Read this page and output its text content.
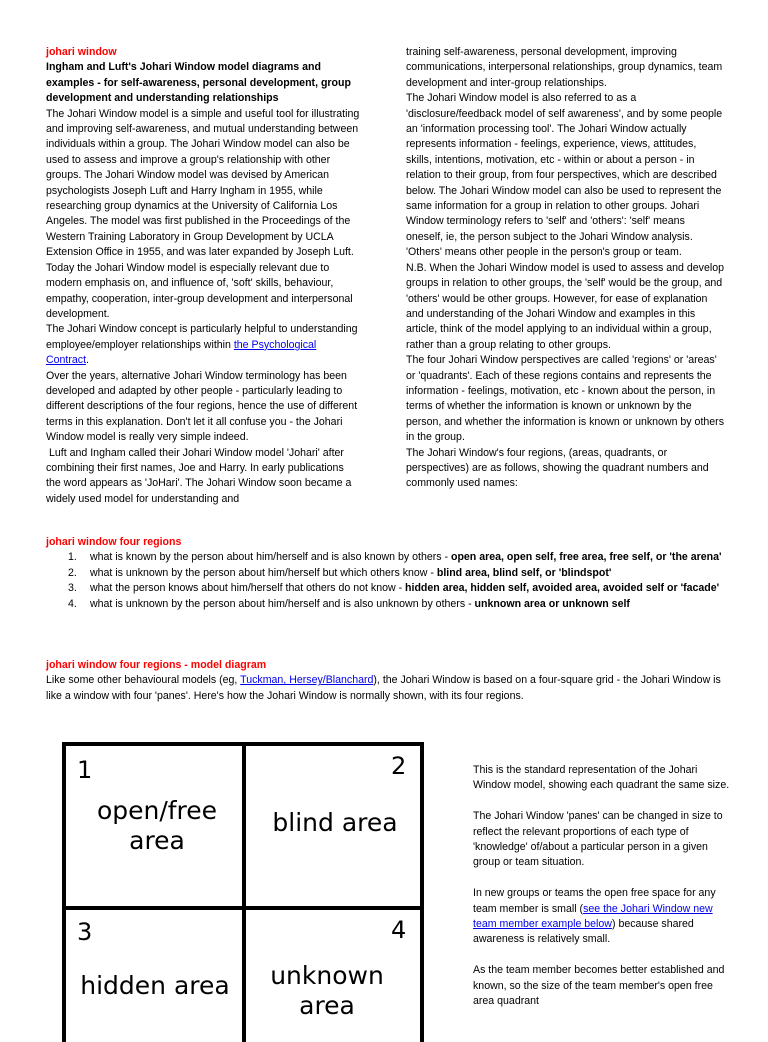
johari window

Ingham and Luft's Johari Window model diagrams and examples - for self-awareness, personal development, group development and understanding relationships

The Johari Window model is a simple and useful tool for illustrating and improving self-awareness, and mutual understanding between individuals within a group. The Johari Window model can also be used to assess and improve a group's relationship with other groups. The Johari Window model was devised by American psychologists Joseph Luft and Harry Ingham in 1955, while researching group dynamics at the University of California Los Angeles. The model was first published in the Proceedings of the Western Training Laboratory in Group Development by UCLA Extension Office in 1955, and was later expanded by Joseph Luft. Today the Johari Window model is especially relevant due to modern emphasis on, and influence of, 'soft' skills, behaviour, empathy, cooperation, inter-group development and interpersonal development.

The Johari Window concept is particularly helpful to understanding employee/employer relationships within the Psychological Contract.

Over the years, alternative Johari Window terminology has been developed and adapted by other people - particularly leading to different descriptions of the four regions, hence the use of different terms in this explanation. Don't let it all confuse you - the Johari Window model is really very simple indeed.

Luft and Ingham called their Johari Window model 'Johari' after combining their first names, Joe and Harry. In early publications the word appears as 'JoHari'. The Johari Window soon became a widely used model for understanding and

training self-awareness, personal development, improving communications, interpersonal relationships, group dynamics, team development and inter-group relationships.

The Johari Window model is also referred to as a 'disclosure/feedback model of self awareness', and by some people an 'information processing tool'. The Johari Window actually represents information - feelings, experience, views, attitudes, skills, intentions, motivation, etc - within or about a person - in relation to their group, from four perspectives, which are described below. The Johari Window model can also be used to represent the same information for a group in relation to other groups. Johari Window terminology refers to 'self' and 'others': 'self' means oneself, ie, the person subject to the Johari Window analysis. 'Others' means other people in the person's group or team.

N.B. When the Johari Window model is used to assess and develop groups in relation to other groups, the 'self' would be the group, and 'others' would be other groups. However, for ease of explanation and understanding of the Johari Window and examples in this article, think of the model applying to an individual within a group, rather than a group relating to other groups.

The four Johari Window perspectives are called 'regions' or 'areas' or 'quadrants'. Each of these regions contains and represents the information - feelings, motivation, etc - known about the person, in terms of whether the information is known or unknown by the person, and whether the information is known or unknown by others in the group.

The Johari Window's four regions, (areas, quadrants, or perspectives) are as follows, showing the quadrant numbers and commonly used names:

johari window four regions
1. what is known by the person about him/herself and is also known by others - open area, open self, free area, free self, or 'the arena'
2. what is unknown by the person about him/herself but which others know - blind area, blind self, or 'blindspot'
3. what the person knows about him/herself that others do not know - hidden area, hidden self, avoided area, avoided self or 'facade'
4. what is unknown by the person about him/herself and is also unknown by others - unknown area or unknown self
johari window four regions - model diagram
Like some other behavioural models (eg, Tuckman, Hersey/Blanchard), the Johari Window is based on a four-square grid - the Johari Window is like a window with four 'panes'. Here's how the Johari Window is normally shown, with its four regions.
1
open/free area
2
blind area
3
hidden area
4
unknown area

This is the standard representation of the Johari Window model, showing each quadrant the same size.

The Johari Window 'panes' can be changed in size to reflect the relevant proportions of each type of 'knowledge' of/about a particular person in a given group or team situation.

In new groups or teams the open free space for any team member is small (see the Johari Window new team member example below) because shared awareness is relatively small.

As the team member becomes better established and known, so the size of the team member's open free area quadrant
